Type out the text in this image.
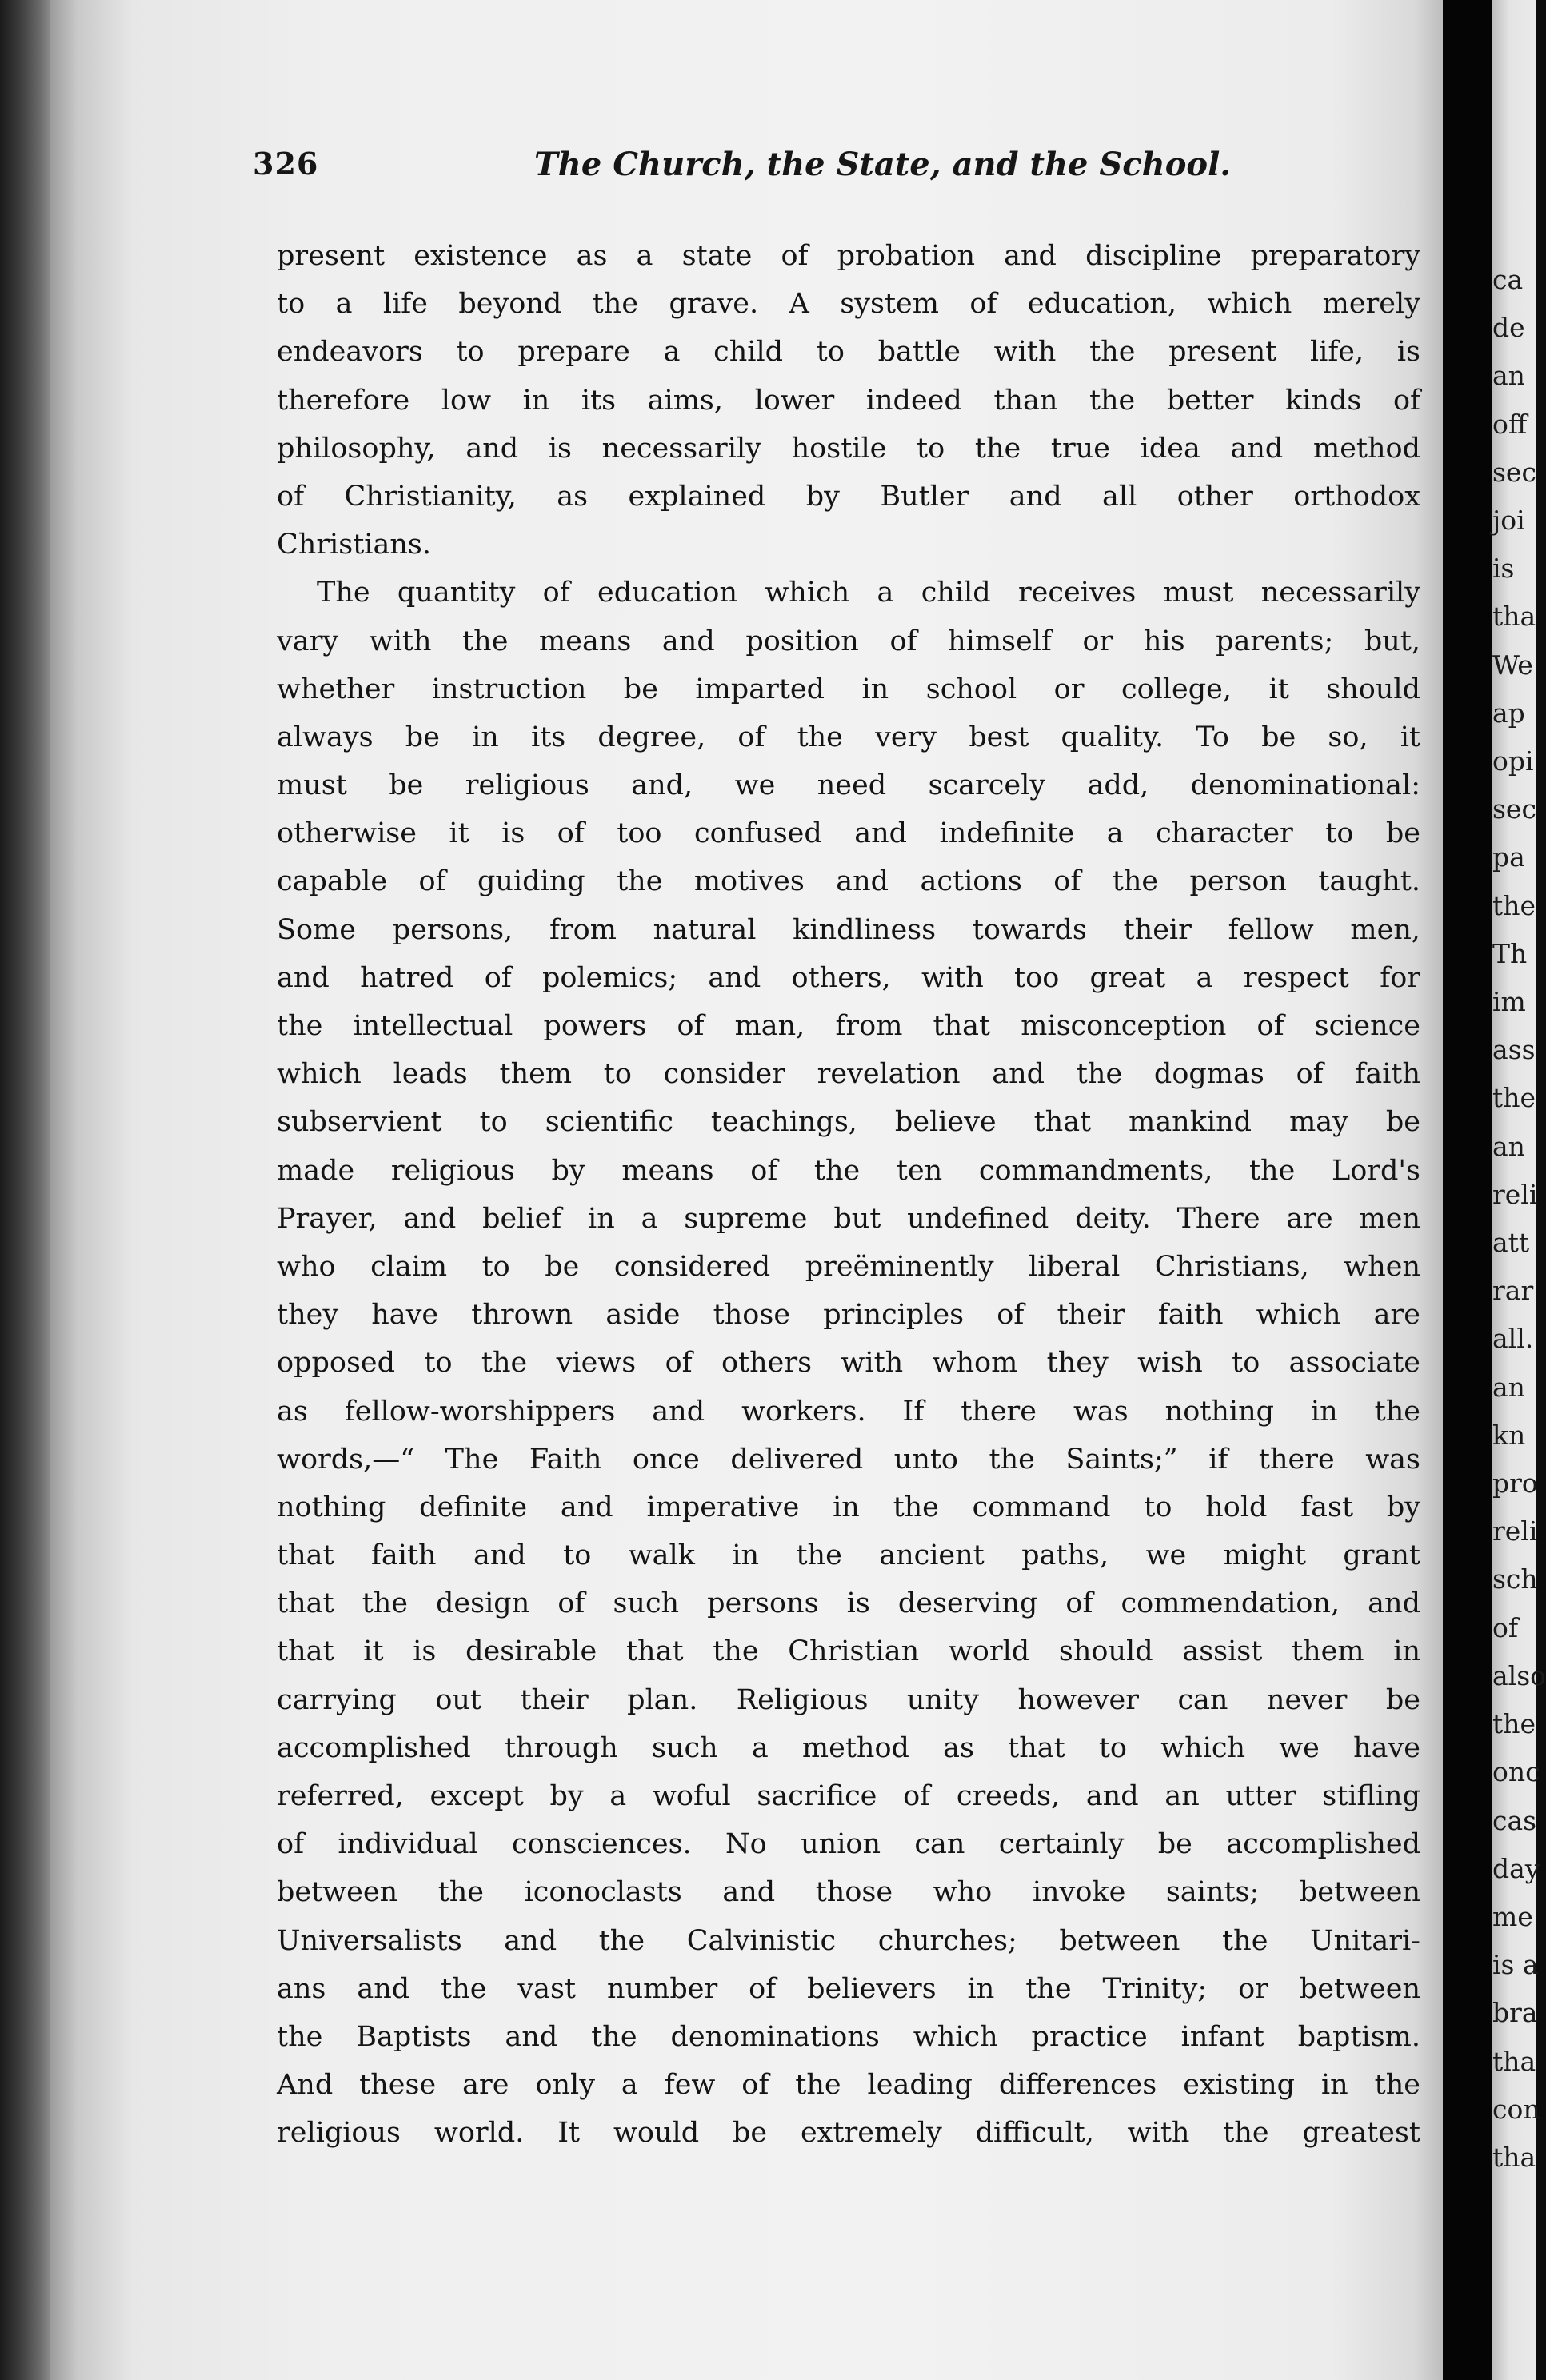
326	The Church, the State, and the School.
present existence as a state of probation and discipline preparatory
to a life beyond the grave. A system of education, which merely
endeavors to prepare a child to battle with the present life, is
therefore low in its aims, lower indeed than the better kinds of
philosophy, and is necessarily hostile to the true idea and method
of Christianity, as explained by Butler and all other orthodox
Christians.
The quantity of education which a child receives must necessarily
vary with the means and position of himself or his parents; but,
whether instruction be imparted in school or college, it should
always be in its degree, of the very best quality. To be so, it
must be religious and, we need scarcely add, denominational:
otherwise it is of too confused and indefinite a character to be
capable of guiding the motives and actions of the person taught.
Some persons, from natural kindliness towards their fellow men,
and hatred of polemics; and others, with too great a respect for
the intellectual powers of man, from that misconception of science
which leads them to consider revelation and the dogmas of faith
subservient to scientific teachings, believe that mankind may be
made religious by means of the ten commandments, the Lord's
Prayer, and belief in a supreme but undefined deity. There are men
who claim to be considered preëminently liberal Christians, when
they have thrown aside those principles of their faith which are
opposed to the views of others with whom they wish to associate
as fellow-worshippers and workers. If there was nothing in the
words,—“ The Faith once delivered unto the Saints;” if there was
nothing definite and imperative in the command to hold fast by
that faith and to walk in the ancient paths, we might grant
that the design of such persons is deserving of commendation, and
that it is desirable that the Christian world should assist them in
carrying out their plan. Religious unity however can never be
accomplished through such a method as that to which we have
referred, except by a woful sacrifice of creeds, and an utter stifling
of individual consciences. No union can certainly be accomplished
between the iconoclasts and those who invoke saints; between
Universalists and the Calvinistic churches; between the Unitari-
ans and the vast number of believers in the Trinity; or between
the Baptists and the denominations which practice infant baptism.
And these are only a few of the leading differences existing in the
religious world. It would be extremely difficult, with the greatest
ca
de
an
off
sec
joi
is
tha
We
ap
opi
sec
pa
the
Th
im
ass
the
an
reli
att
rar
all.
an
kn
pro
reli
sch
of
also
the
onc
cas
day
me
is a
bra
tha
con
tha
